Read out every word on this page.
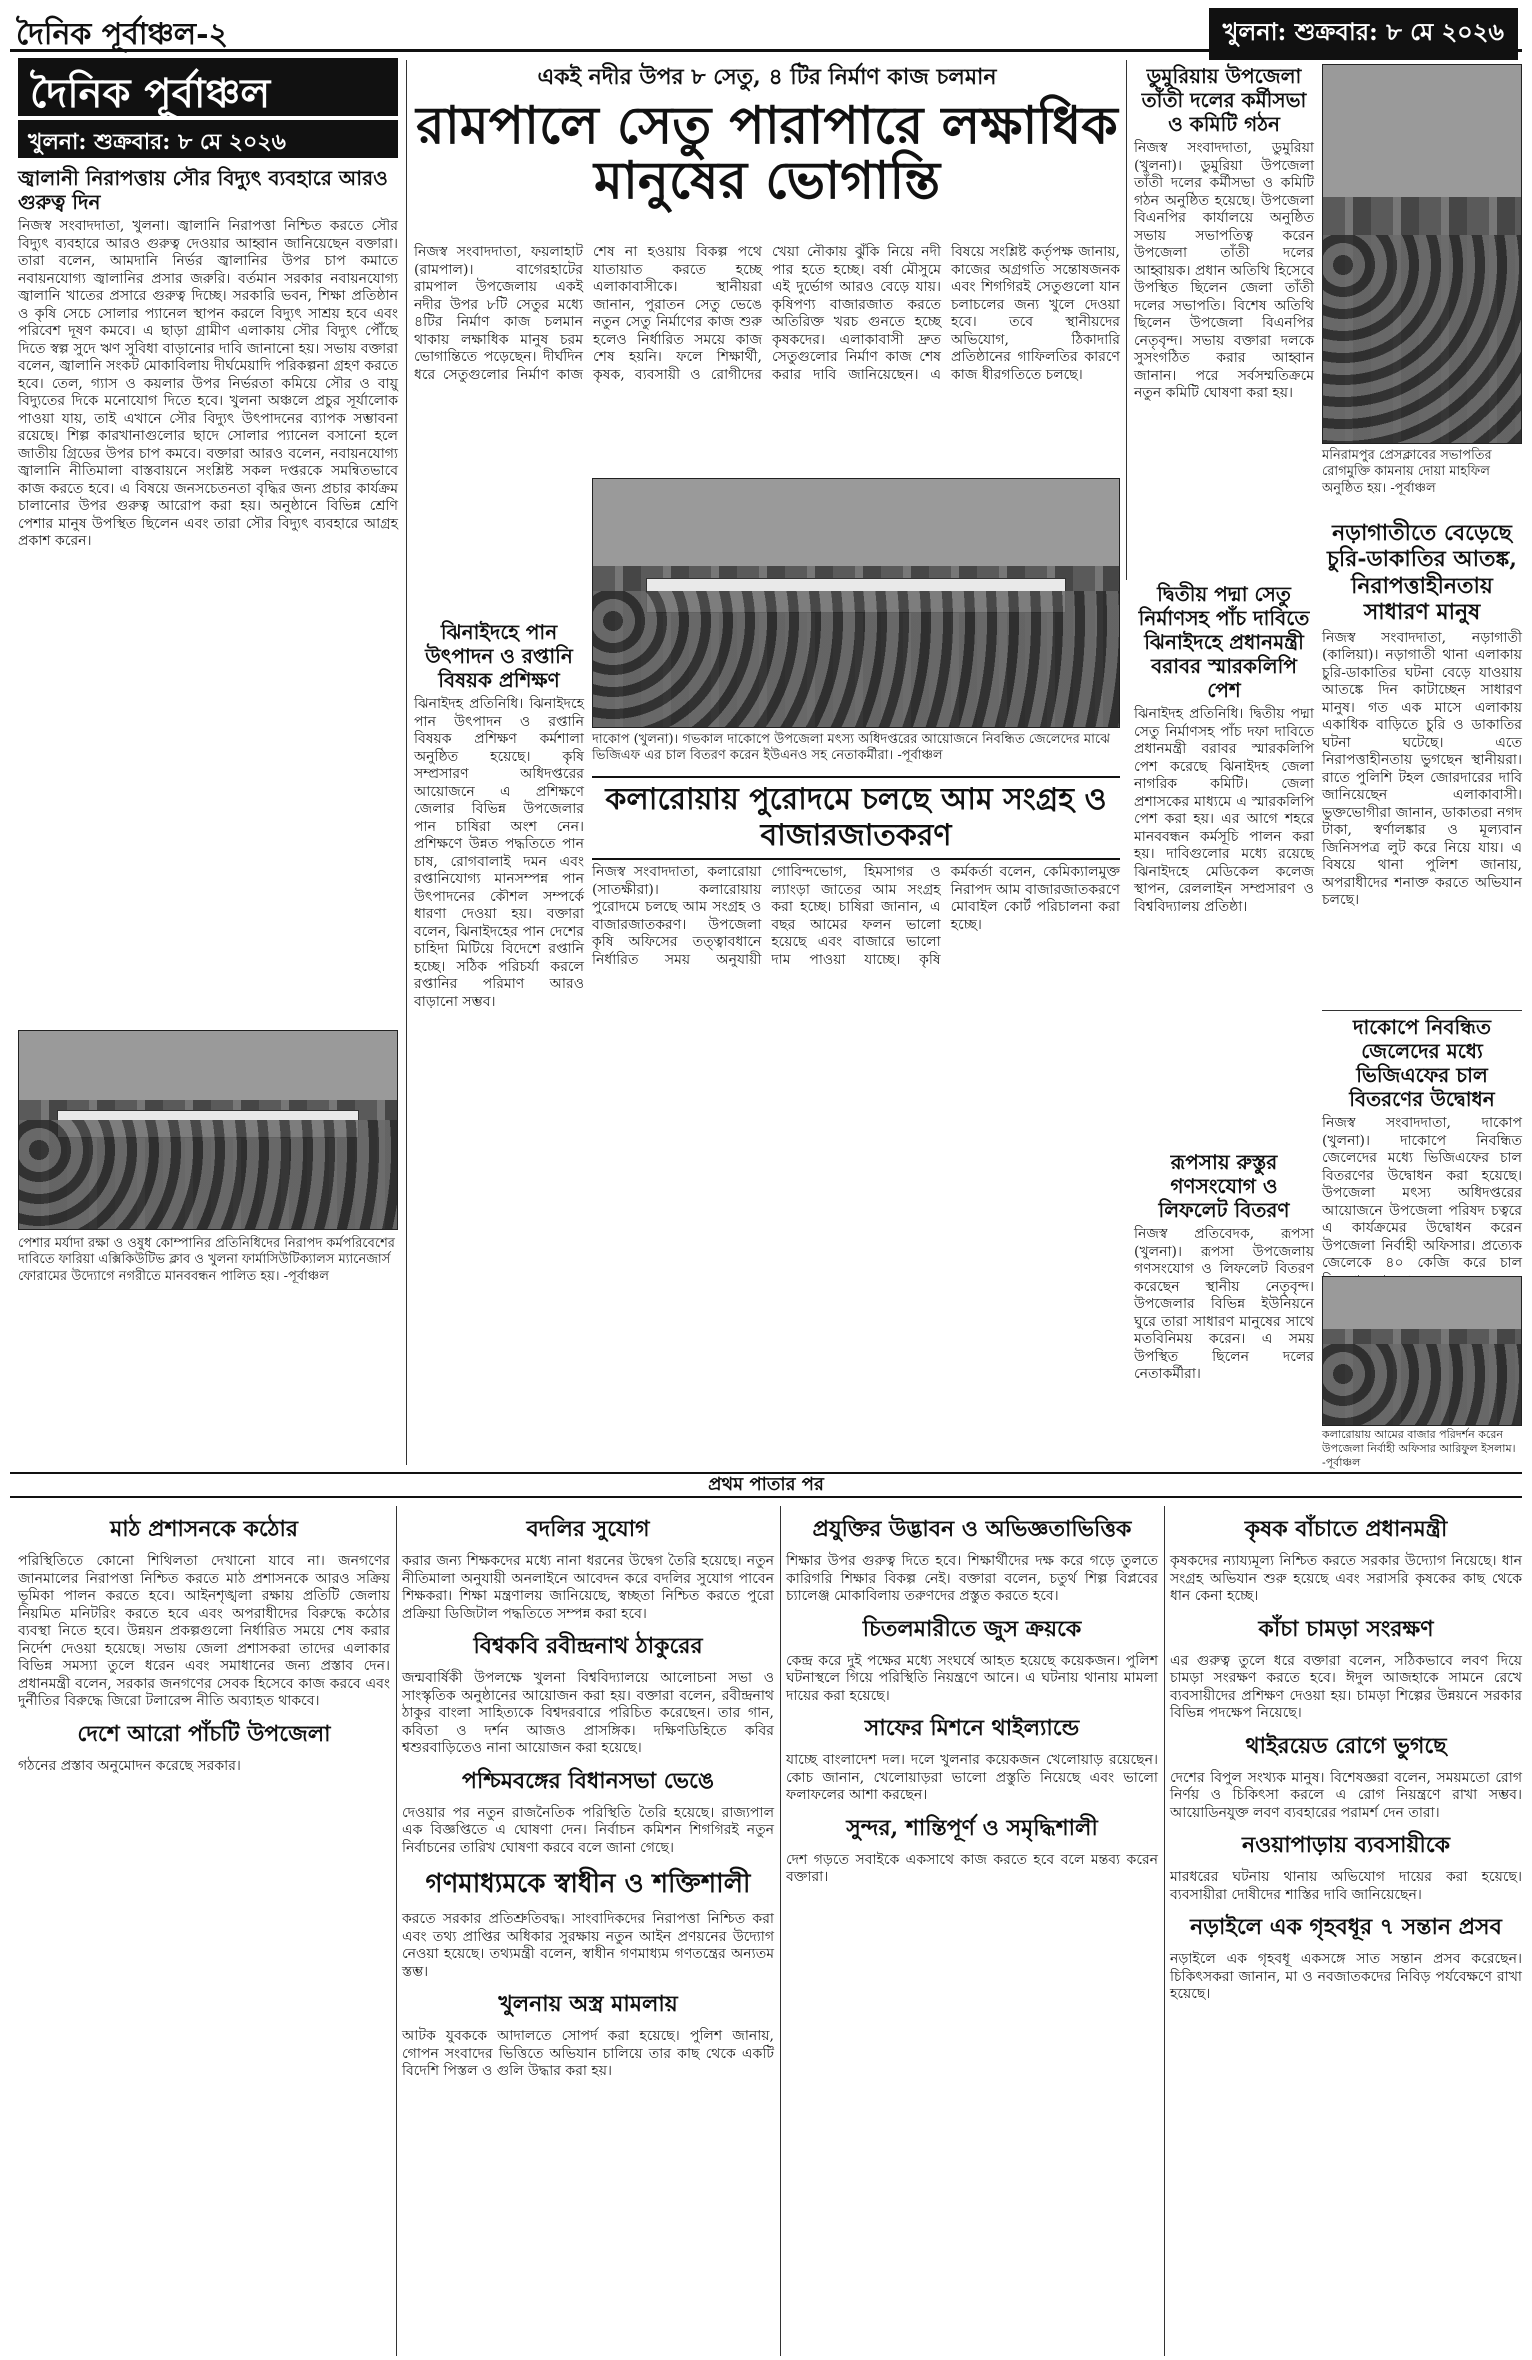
দৈনিক পূর্বাঞ্চল-২	খুলনা: শুক্রবার: ৮ মে ২০২৬
দৈনিক পূর্বাঞ্চল
খুলনা: শুক্রবার: ৮ মে ২০২৬
জ্বালানী নিরাপত্তায় সৌর বিদ্যুৎ ব্যবহারে আরও গুরুত্ব দিন
নিজস্ব সংবাদদাতা, খুলনা। জ্বালানি নিরাপত্তা নিশ্চিত করতে সৌর বিদ্যুৎ ব্যবহারে আরও গুরুত্ব দেওয়ার আহ্বান জানিয়েছেন বক্তারা। তারা বলেন, আমদানি নির্ভর জ্বালানির উপর চাপ কমাতে নবায়নযোগ্য জ্বালানির প্রসার জরুরি। বর্তমান সরকার নবায়নযোগ্য জ্বালানি খাতের প্রসারে গুরুত্ব দিচ্ছে। সরকারি ভবন, শিক্ষা প্রতিষ্ঠান ও কৃষি সেচে সোলার প্যানেল স্থাপন করলে বিদ্যুৎ সাশ্রয় হবে এবং পরিবেশ দূষণ কমবে। এ ছাড়া গ্রামীণ এলাকায় সৌর বিদ্যুৎ পৌঁছে দিতে স্বল্প সুদে ঋণ সুবিধা বাড়ানোর দাবি জানানো হয়। সভায় বক্তারা বলেন, জ্বালানি সংকট মোকাবিলায় দীর্ঘমেয়াদি পরিকল্পনা গ্রহণ করতে হবে। তেল, গ্যাস ও কয়লার উপর নির্ভরতা কমিয়ে সৌর ও বায়ু বিদ্যুতের দিকে মনোযোগ দিতে হবে। খুলনা অঞ্চলে প্রচুর সূর্যালোক পাওয়া যায়, তাই এখানে সৌর বিদ্যুৎ উৎপাদনের ব্যাপক সম্ভাবনা রয়েছে। শিল্প কারখানাগুলোর ছাদে সোলার প্যানেল বসানো হলে জাতীয় গ্রিডের উপর চাপ কমবে। বক্তারা আরও বলেন, নবায়নযোগ্য জ্বালানি নীতিমালা বাস্তবায়নে সংশ্লিষ্ট সকল দপ্তরকে সমন্বিতভাবে কাজ করতে হবে। এ বিষয়ে জনসচেতনতা বৃদ্ধির জন্য প্রচার কার্যক্রম চালানোর উপর গুরুত্ব আরোপ করা হয়। অনুষ্ঠানে বিভিন্ন শ্রেণি পেশার মানুষ উপস্থিত ছিলেন এবং তারা সৌর বিদ্যুৎ ব্যবহারে আগ্রহ প্রকাশ করেন।
পেশার মর্যাদা রক্ষা ও ওষুধ কোম্পানির প্রতিনিধিদের নিরাপদ কর্মপরিবেশের দাবিতে ফারিয়া এক্সিকিউটিভ ক্লাব ও খুলনা ফার্মাসিউটিক্যালস ম্যানেজার্স ফোরামের উদ্যোগে নগরীতে মানববন্ধন পালিত হয়। -পূর্বাঞ্চল
একই নদীর উপর ৮ সেতু, ৪ টির নির্মাণ কাজ চলমান
রামপালে সেতু পারাপারে লক্ষাধিক মানুষের ভোগান্তি
নিজস্ব সংবাদদাতা, ফয়লাহাট (রামপাল)। বাগেরহাটের রামপাল উপজেলায় একই নদীর উপর ৮টি সেতুর মধ্যে ৪টির নির্মাণ কাজ চলমান থাকায় লক্ষাধিক মানুষ চরম ভোগান্তিতে পড়েছেন। দীর্ঘদিন ধরে সেতুগুলোর নির্মাণ কাজ শেষ না হওয়ায় বিকল্প পথে যাতায়াত করতে হচ্ছে এলাকাবাসীকে। স্থানীয়রা জানান, পুরাতন সেতু ভেঙে নতুন সেতু নির্মাণের কাজ শুরু হলেও নির্ধারিত সময়ে কাজ শেষ হয়নি। ফলে শিক্ষার্থী, কৃষক, ব্যবসায়ী ও রোগীদের খেয়া নৌকায় ঝুঁকি নিয়ে নদী পার হতে হচ্ছে। বর্ষা মৌসুমে এই দুর্ভোগ আরও বেড়ে যায়। কৃষিপণ্য বাজারজাত করতে অতিরিক্ত খরচ গুনতে হচ্ছে কৃষকদের। এলাকাবাসী দ্রুত সেতুগুলোর নির্মাণ কাজ শেষ করার দাবি জানিয়েছেন। এ বিষয়ে সংশ্লিষ্ট কর্তৃপক্ষ জানায়, কাজের অগ্রগতি সন্তোষজনক এবং শিগগিরই সেতুগুলো যান চলাচলের জন্য খুলে দেওয়া হবে। তবে স্থানীয়দের অভিযোগ, ঠিকাদারি প্রতিষ্ঠানের গাফিলতির কারণে কাজ ধীরগতিতে চলছে।
ডুমুরিয়ায় উপজেলা তাঁতী দলের কর্মীসভা ও কমিটি গঠন
নিজস্ব সংবাদদাতা, ডুমুরিয়া (খুলনা)। ডুমুরিয়া উপজেলা তাঁতী দলের কর্মীসভা ও কমিটি গঠন অনুষ্ঠিত হয়েছে। উপজেলা বিএনপির কার্যালয়ে অনুষ্ঠিত সভায় সভাপতিত্ব করেন উপজেলা তাঁতী দলের আহ্বায়ক। প্রধান অতিথি হিসেবে উপস্থিত ছিলেন জেলা তাঁতী দলের সভাপতি। বিশেষ অতিথি ছিলেন উপজেলা বিএনপির নেতৃবৃন্দ। সভায় বক্তারা দলকে সুসংগঠিত করার আহ্বান জানান। পরে সর্বসম্মতিক্রমে নতুন কমিটি ঘোষণা করা হয়।
মনিরামপুর প্রেসক্লাবের সভাপতির রোগমুক্তি কামনায় দোয়া মাহফিল অনুষ্ঠিত হয়। -পূর্বাঞ্চল
দ্বিতীয় পদ্মা সেতু নির্মাণসহ পাঁচ দাবিতে ঝিনাইদহে প্রধানমন্ত্রী বরাবর স্মারকলিপি পেশ
ঝিনাইদহ প্রতিনিধি। দ্বিতীয় পদ্মা সেতু নির্মাণসহ পাঁচ দফা দাবিতে প্রধানমন্ত্রী বরাবর স্মারকলিপি পেশ করেছে ঝিনাইদহ জেলা নাগরিক কমিটি। জেলা প্রশাসকের মাধ্যমে এ স্মারকলিপি পেশ করা হয়। এর আগে শহরে মানববন্ধন কর্মসূচি পালন করা হয়। দাবিগুলোর মধ্যে রয়েছে ঝিনাইদহে মেডিকেল কলেজ স্থাপন, রেললাইন সম্প্রসারণ ও বিশ্ববিদ্যালয় প্রতিষ্ঠা।
ঝিনাইদহে পান উৎপাদন ও রপ্তানি বিষয়ক প্রশিক্ষণ
ঝিনাইদহ প্রতিনিধি। ঝিনাইদহে পান উৎপাদন ও রপ্তানি বিষয়ক প্রশিক্ষণ কর্মশালা অনুষ্ঠিত হয়েছে। কৃষি সম্প্রসারণ অধিদপ্তরের আয়োজনে এ প্রশিক্ষণে জেলার বিভিন্ন উপজেলার পান চাষিরা অংশ নেন। প্রশিক্ষণে উন্নত পদ্ধতিতে পান চাষ, রোগবালাই দমন এবং রপ্তানিযোগ্য মানসম্পন্ন পান উৎপাদনের কৌশল সম্পর্কে ধারণা দেওয়া হয়। বক্তারা বলেন, ঝিনাইদহের পান দেশের চাহিদা মিটিয়ে বিদেশে রপ্তানি হচ্ছে। সঠিক পরিচর্যা করলে রপ্তানির পরিমাণ আরও বাড়ানো সম্ভব।
দাকোপ (খুলনা)। গভকাল দাকোপে উপজেলা মৎস্য অধিদপ্তরের আয়োজনে নিবন্ধিত জেলেদের মাঝে ভিজিএফ এর চাল বিতরণ করেন ইউএনও সহ নেতাকর্মীরা। -পূর্বাঞ্চল
কলারোয়ায় পুরোদমে চলছে আম সংগ্রহ ও বাজারজাতকরণ
নিজস্ব সংবাদদাতা, কলারোয়া (সাতক্ষীরা)। কলারোয়ায় পুরোদমে চলছে আম সংগ্রহ ও বাজারজাতকরণ। উপজেলা কৃষি অফিসের তত্ত্বাবধানে নির্ধারিত সময় অনুযায়ী গোবিন্দভোগ, হিমসাগর ও ল্যাংড়া জাতের আম সংগ্রহ করা হচ্ছে। চাষিরা জানান, এ বছর আমের ফলন ভালো হয়েছে এবং বাজারে ভালো দাম পাওয়া যাচ্ছে। কৃষি কর্মকর্তা বলেন, কেমিক্যালমুক্ত নিরাপদ আম বাজারজাতকরণে মোবাইল কোর্ট পরিচালনা করা হচ্ছে।
রূপসায় রুস্তুর গণসংযোগ ও লিফলেট বিতরণ
নিজস্ব প্রতিবেদক, রূপসা (খুলনা)। রূপসা উপজেলায় গণসংযোগ ও লিফলেট বিতরণ করেছেন স্থানীয় নেতৃবৃন্দ। উপজেলার বিভিন্ন ইউনিয়নে ঘুরে তারা সাধারণ মানুষের সাথে মতবিনিময় করেন। এ সময় উপস্থিত ছিলেন দলের নেতাকর্মীরা।
নড়াগাতীতে বেড়েছে চুরি-ডাকাতির আতঙ্ক, নিরাপত্তাহীনতায় সাধারণ মানুষ
নিজস্ব সংবাদদাতা, নড়াগাতী (কালিয়া)। নড়াগাতী থানা এলাকায় চুরি-ডাকাতির ঘটনা বেড়ে যাওয়ায় আতঙ্কে দিন কাটাচ্ছেন সাধারণ মানুষ। গত এক মাসে এলাকায় একাধিক বাড়িতে চুরি ও ডাকাতির ঘটনা ঘটেছে। এতে নিরাপত্তাহীনতায় ভুগছেন স্থানীয়রা। রাতে পুলিশি টহল জোরদারের দাবি জানিয়েছেন এলাকাবাসী। ভুক্তভোগীরা জানান, ডাকাতরা নগদ টাকা, স্বর্ণালঙ্কার ও মূল্যবান জিনিসপত্র লুট করে নিয়ে যায়। এ বিষয়ে থানা পুলিশ জানায়, অপরাধীদের শনাক্ত করতে অভিযান চলছে।
দাকোপে নিবন্ধিত জেলেদের মধ্যে ভিজিএফের চাল বিতরণের উদ্বোধন
নিজস্ব সংবাদদাতা, দাকোপ (খুলনা)। দাকোপে নিবন্ধিত জেলেদের মধ্যে ভিজিএফের চাল বিতরণের উদ্বোধন করা হয়েছে। উপজেলা মৎস্য অধিদপ্তরের আয়োজনে উপজেলা পরিষদ চত্বরে এ কার্যক্রমের উদ্বোধন করেন উপজেলা নির্বাহী অফিসার। প্রত্যেক জেলেকে ৪০ কেজি করে চাল
কলারোয়ায় আমের বাজার পরিদর্শন করেন উপজেলা নির্বাহী অফিসার আরিফুল ইসলাম। -পূর্বাঞ্চল
প্রথম পাতার পর
মাঠ প্রশাসনকে কঠোর
পরিস্থিতিতে কোনো শিথিলতা দেখানো যাবে না। জনগণের জানমালের নিরাপত্তা নিশ্চিত করতে মাঠ প্রশাসনকে আরও সক্রিয় ভূমিকা পালন করতে হবে। আইনশৃঙ্খলা রক্ষায় প্রতিটি জেলায় নিয়মিত মনিটরিং করতে হবে এবং অপরাধীদের বিরুদ্ধে কঠোর ব্যবস্থা নিতে হবে। উন্নয়ন প্রকল্পগুলো নির্ধারিত সময়ে শেষ করার নির্দেশ দেওয়া হয়েছে। সভায় জেলা প্রশাসকরা তাদের এলাকার বিভিন্ন সমস্যা তুলে ধরেন এবং সমাধানের জন্য প্রস্তাব দেন। প্রধানমন্ত্রী বলেন, সরকার জনগণের সেবক হিসেবে কাজ করবে এবং দুর্নীতির বিরুদ্ধে জিরো টলারেন্স নীতি অব্যাহত থাকবে।
দেশে আরো পাঁচটি উপজেলা
গঠনের প্রস্তাব অনুমোদন করেছে সরকার।
বদলির সুযোগ
করার জন্য শিক্ষকদের মধ্যে নানা ধরনের উদ্বেগ তৈরি হয়েছে। নতুন নীতিমালা অনুযায়ী অনলাইনে আবেদন করে বদলির সুযোগ পাবেন শিক্ষকরা। শিক্ষা মন্ত্রণালয় জানিয়েছে, স্বচ্ছতা নিশ্চিত করতে পুরো প্রক্রিয়া ডিজিটাল পদ্ধতিতে সম্পন্ন করা হবে।
বিশ্বকবি রবীন্দ্রনাথ ঠাকুরের
জন্মবার্ষিকী উপলক্ষে খুলনা বিশ্ববিদ্যালয়ে আলোচনা সভা ও সাংস্কৃতিক অনুষ্ঠানের আয়োজন করা হয়। বক্তারা বলেন, রবীন্দ্রনাথ ঠাকুর বাংলা সাহিত্যকে বিশ্বদরবারে পরিচিত করেছেন। তার গান, কবিতা ও দর্শন আজও প্রাসঙ্গিক। দক্ষিণডিহিতে কবির শ্বশুরবাড়িতেও নানা আয়োজন করা হয়েছে।
পশ্চিমবঙ্গের বিধানসভা ভেঙে
দেওয়ার পর নতুন রাজনৈতিক পরিস্থিতি তৈরি হয়েছে। রাজ্যপাল এক বিজ্ঞপ্তিতে এ ঘোষণা দেন। নির্বাচন কমিশন শিগগিরই নতুন নির্বাচনের তারিখ ঘোষণা করবে বলে জানা গেছে।
গণমাধ্যমকে স্বাধীন ও শক্তিশালী
করতে সরকার প্রতিশ্রুতিবদ্ধ। সাংবাদিকদের নিরাপত্তা নিশ্চিত করা এবং তথ্য প্রাপ্তির অধিকার সুরক্ষায় নতুন আইন প্রণয়নের উদ্যোগ নেওয়া হয়েছে। তথ্যমন্ত্রী বলেন, স্বাধীন গণমাধ্যম গণতন্ত্রের অন্যতম স্তম্ভ।
খুলনায় অস্ত্র মামলায়
আটক যুবককে আদালতে সোপর্দ করা হয়েছে। পুলিশ জানায়, গোপন সংবাদের ভিত্তিতে অভিযান চালিয়ে তার কাছ থেকে একটি বিদেশি পিস্তল ও গুলি উদ্ধার করা হয়।
প্রযুক্তির উদ্ভাবন ও অভিজ্ঞতাভিত্তিক
শিক্ষার উপর গুরুত্ব দিতে হবে। শিক্ষার্থীদের দক্ষ করে গড়ে তুলতে কারিগরি শিক্ষার বিকল্প নেই। বক্তারা বলেন, চতুর্থ শিল্প বিপ্লবের চ্যালেঞ্জ মোকাবিলায় তরুণদের প্রস্তুত করতে হবে।
চিতলমারীতে জুস ক্রয়কে
কেন্দ্র করে দুই পক্ষের মধ্যে সংঘর্ষে আহত হয়েছে কয়েকজন। পুলিশ ঘটনাস্থলে গিয়ে পরিস্থিতি নিয়ন্ত্রণে আনে। এ ঘটনায় থানায় মামলা দায়ের করা হয়েছে।
সাফের মিশনে থাইল্যান্ডে
যাচ্ছে বাংলাদেশ দল। দলে খুলনার কয়েকজন খেলোয়াড় রয়েছেন। কোচ জানান, খেলোয়াড়রা ভালো প্রস্তুতি নিয়েছে এবং ভালো ফলাফলের আশা করছেন।
সুন্দর, শান্তিপূর্ণ ও সমৃদ্ধিশালী
দেশ গড়তে সবাইকে একসাথে কাজ করতে হবে বলে মন্তব্য করেন বক্তারা।
কৃষক বাঁচাতে প্রধানমন্ত্রী
কৃষকদের ন্যায্যমূল্য নিশ্চিত করতে সরকার উদ্যোগ নিয়েছে। ধান সংগ্রহ অভিযান শুরু হয়েছে এবং সরাসরি কৃষকের কাছ থেকে ধান কেনা হচ্ছে।
কাঁচা চামড়া সংরক্ষণ
এর গুরুত্ব তুলে ধরে বক্তারা বলেন, সঠিকভাবে লবণ দিয়ে চামড়া সংরক্ষণ করতে হবে। ঈদুল আজহাকে সামনে রেখে ব্যবসায়ীদের প্রশিক্ষণ দেওয়া হয়। চামড়া শিল্পের উন্নয়নে সরকার বিভিন্ন পদক্ষেপ নিয়েছে।
থাইরয়েড রোগে ভুগছে
দেশের বিপুল সংখ্যক মানুষ। বিশেষজ্ঞরা বলেন, সময়মতো রোগ নির্ণয় ও চিকিৎসা করলে এ রোগ নিয়ন্ত্রণে রাখা সম্ভব। আয়োডিনযুক্ত লবণ ব্যবহারের পরামর্শ দেন তারা।
নওয়াপাড়ায় ব্যবসায়ীকে
মারধরের ঘটনায় থানায় অভিযোগ দায়ের করা হয়েছে। ব্যবসায়ীরা দোষীদের শাস্তির দাবি জানিয়েছেন।
নড়াইলে এক গৃহবধূর ৭ সন্তান প্রসব
নড়াইলে এক গৃহবধূ একসঙ্গে সাত সন্তান প্রসব করেছেন। চিকিৎসকরা জানান, মা ও নবজাতকদের নিবিড় পর্যবেক্ষণে রাখা হয়েছে।
